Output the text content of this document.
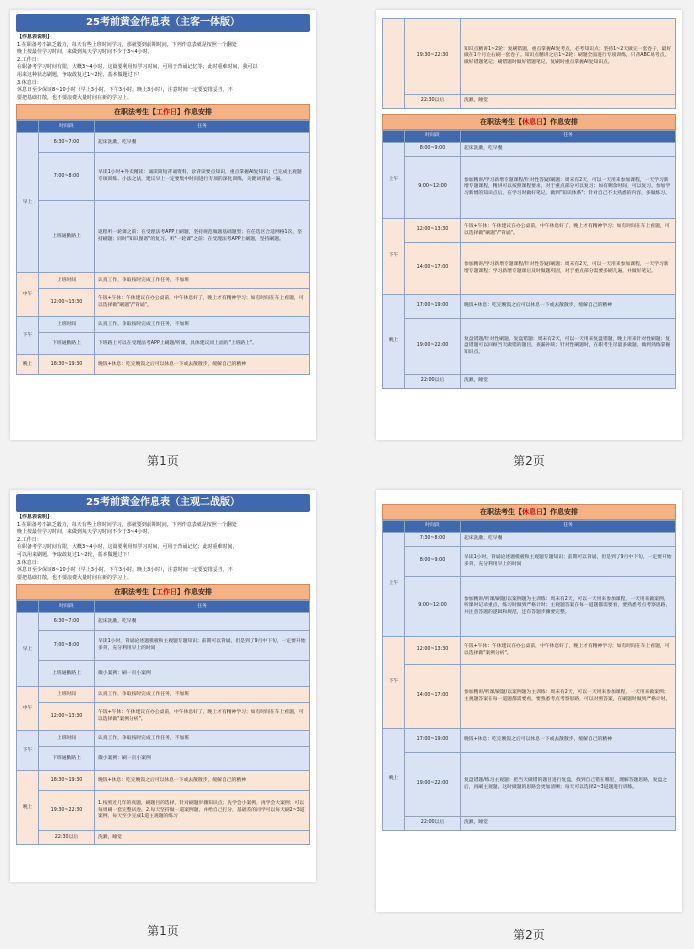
25考前黄金作息表（主客一体版）
【作息表说明】
1.在职备考不缺乏毅力，每天有些上班时间学习，那就要到前期时间，下列作息表就是按照一个翻处
晚上按最佳学习时间，来做到每天学习时间不少于3~4小时。
2.工作日：
在职备考学习时间有限，大概3~4小时，这篇要利用短学习时间，可用于背诵记忆等；此时重难时间，我可以
用来这种状态刷题，争取敢复过1~2轮，基本做题过下！
3.休息日：
休息日至少保证8~10小时（早上3小时，下午3小时，晚上3小时），注意时间一定要安排妥当，不
要把基础打散，也不要浪费大量时间在新的学习上。
在职法考生【工作日】作息安排
	时间段	任务
早上	6:30~7:00	起床洗漱，吃早餐
	7:00~8:00	早读1小时+外卖精读：诵读简短背诵资料，诊背读要点知识，重点掌握AI复知识；已完成主观题专项训练、小法之法，建议早上一定要集中时间进行专项的深化训练，关键词背诵一遍。
	上班通勤路上	返程听一轮课之前：在受理法考APP上刷题，坚持规范做题基础题型；在任选区合适网格1次，坚持刷题；同时"知识图谱"的复习。听"一轮课"之前：在受理法考APP上刷题，坚持刷题。
中午	上班时间	认真工作，争取按时完成工作任务，不加班
	12:00~13:30	午饭+午休：午休建议在办公桌前，中午休息好了，晚上才有精神学习；如有时间在车上看题，可以选择做"刷题"/"背诵"。
下午	上班时间	认真工作，争取按时完成工作任务，不加班
	下班通勤路上	下班路上可以在受理法考APP上刷题/听课，具体建议同上面的"上班路上"。
晚上	18:30~19:30	晚饭+休息：吃完晚饭之后可以休息一下或去散散步，缓解自己的精神
第1页
	19:30~22:30	知识点精讲1~2轮：复刷错题，重点掌握AI复考点，必考知识点；坚持1~2天做完一套卷子，最好做在1个月左右刷一套卷子。知识点精讲之后1~2轮：刷题全面进行专项训练，只背ABC易考点，做好错题笔记；刷错题时做好错题笔记，复刷时重点掌握AI复知识点。
	22:30以后	洗漱，睡觉
在职法考生【休息日】作息安排
	时间段	任务
上午	8:00~9:00	起床洗漱，吃早餐
	9:00~12:00	参加精讲/学习新增专题课程/针对性答疑/刷题：周末有2天，可以一天用来参加课程，一天学习新增专题课程，精讲可以按照课程要求，对于重点部分可以复习；如有剩余时间，可以复习。参加学习新增的知识点后，在学习时做好笔记，做到"知识体系"；针对自己不太熟悉的内容，多做练习。
下午	12:00~13:30	午饭+午休：午休建议在办公桌前，中午休息好了，晚上才有精神学习；如有时间在车上看题，可以选择做"刷题"/"背诵"。
	14:00~17:00	参加精讲/学习新增专题课程/针对性答疑/刷题：周末有2天，可以一天用来参加课程，一天学习新增专题课程；学习新增专题课后及时做题巩固，对于重点部分需要多刷几遍，并做好笔记。
晚上	17:00~19:00	晚饭+休息：吃完晚饭之后可以休息一下或去散散步，缓解自己的精神
	19:00~22:00	复盘错题/针对性刷题，复盘错题：周末有2天，可以一天用来复盘错题，晚上用来针对性刷题；复盘错题可以回顾当天做错的题目，查漏补缺；针对性刷题时，在职考生尽量多做题，做到熟练掌握知识点。
	22:00以后	洗漱，睡觉
第2页
25考前黄金作息表（主观二战版）
【作息表说明】
1.在职备考不缺乏毅力，每天有些上班时间学习，那就要到前期时间，下列作息表就是按照一个翻处
晚上按最佳学习时间，来做到每天学习时间不少于3~4小时。
2.工作日：
在职备考学习时间有限，大概3~4小时，这篇要利用短学习时间，可用于背诵记忆；此时重难时间，
可以用来刷题，争取敢复过1~2轮，基本做题过下！
3.休息日：
休息日至少保证8~10小时（早上3小时，下午3小时，晚上3小时），注意时间一定要安排妥当，不
要把基础打散，也不要浪费大量时间在新的学习上。
在职法考生【工作日】作息安排
	时间段	任务
早上	6:30~7:00	起床洗漱，吃早餐
	7:00~8:00	早读1小时，背诵论述题模板和主观题专题知识；前期可以背诵，但是到了9月中下旬，一定要开始多背，充分利用早上的时间
	上班通勤路上	微小案例：刷一页小案例
中午	上班时间	认真工作，争取按时完成工作任务，不加班
	12:00~13:30	午饭+午休：午休建议在办公桌前，中午休息好了，晚上才有精神学习；如有时间在车上看题，可以选择做"案例分析"。
下午	上班时间	认真工作，争取按时完成工作任务，不加班
	下班通勤路上	微小案例：刷一页小案例
晚上	18:30~19:30	晚饭+休息：吃完晚饭之后可以休息一下或去散散步，缓解自己的精神
	19:30~22:30	1.按照近几年的真题，刷题目的选择，针对刷题步骤知识点；先学会小案例，再学会大案例；可以每周刷一套完整试卷。2.每天坚持做一道案例题，并给自己打分，基础差的同学可以每天刷2~3道案例，每天至少完成1道主观题的练习
	22:30以后	洗漱，睡觉
第1页
在职法考生【休息日】作息安排
	时间段	任务
上午	7:30~8:00	起床洗漱，吃早餐
	8:00~9:00	早读1小时，背诵论述题模板和主观题专题知识；前期可以背诵，但是到了9月中下旬，一定要开始多背，充分利用早上的时间
	9:00~12:00	参加精讲/听课/刷题/以案例题为主训练：周末有2天，可以一天用来参加课程，一天用来做案例，听课时记录重点，练习时做到严格计时；主观题答案在每一道题都需要看，要熟悉考点考察思路，并注意答题的逻辑和规范，还有答题步骤要完整。
下午	12:00~13:30	午饭+午休：午休建议在办公桌前，中午休息好了，晚上才有精神学习；如有时间在车上看题，可以选择做"案例分析"。
	14:00~17:00	参加精讲/听课/刷题/以案例题为主训练：周末有2天，可以一天用来参加课程，一天用来做案例；主观题答案在每一道题都需要看，要熟悉考点考察思路，可以对照答案，在刷题时做到严格计时。
晚上	17:00~19:00	晚饭+休息：吃完晚饭之后可以休息一下或去散散步，缓解自己的精神
	19:00~22:00	复盘错题/练习主观题：把当天做错的题目进行复盘，找到自己错在哪里，理解答题思路，复盘之后，再刷主观题，这时做题的思路会更加清晰；每天可以选择2~3道题进行训练。
	22:00以后	洗漱，睡觉
第2页
